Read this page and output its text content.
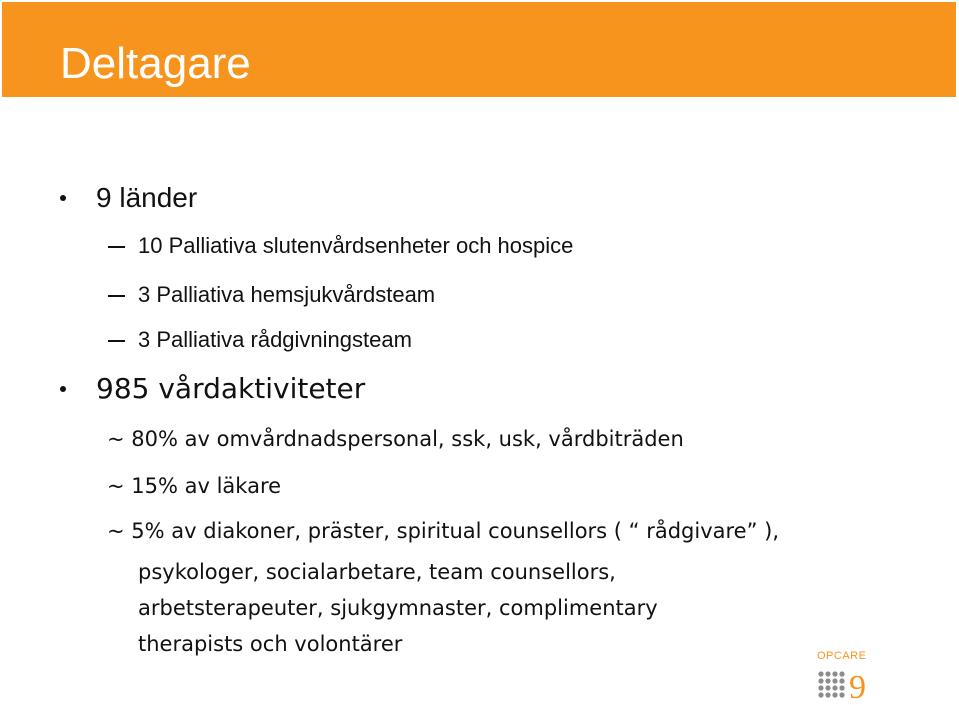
Deltagare

9 länder

10 Palliativa slutenvårdsenheter och hospice

3 Palliativa hemsjukvårdsteam

3 Palliativa rådgivningsteam

985 vårdaktiviteter

~ 80% av omvårdnadspersonal, ssk, usk, vårdbiträden

~ 15% av läkare

~ 5% av diakoner, präster, spiritual counsellors ( “ rådgivare” ),

psykologer, socialarbetare, team counsellors,

arbetsterapeuter, sjukgymnaster, complimentary

therapists och volontärer	OPCARE
9
